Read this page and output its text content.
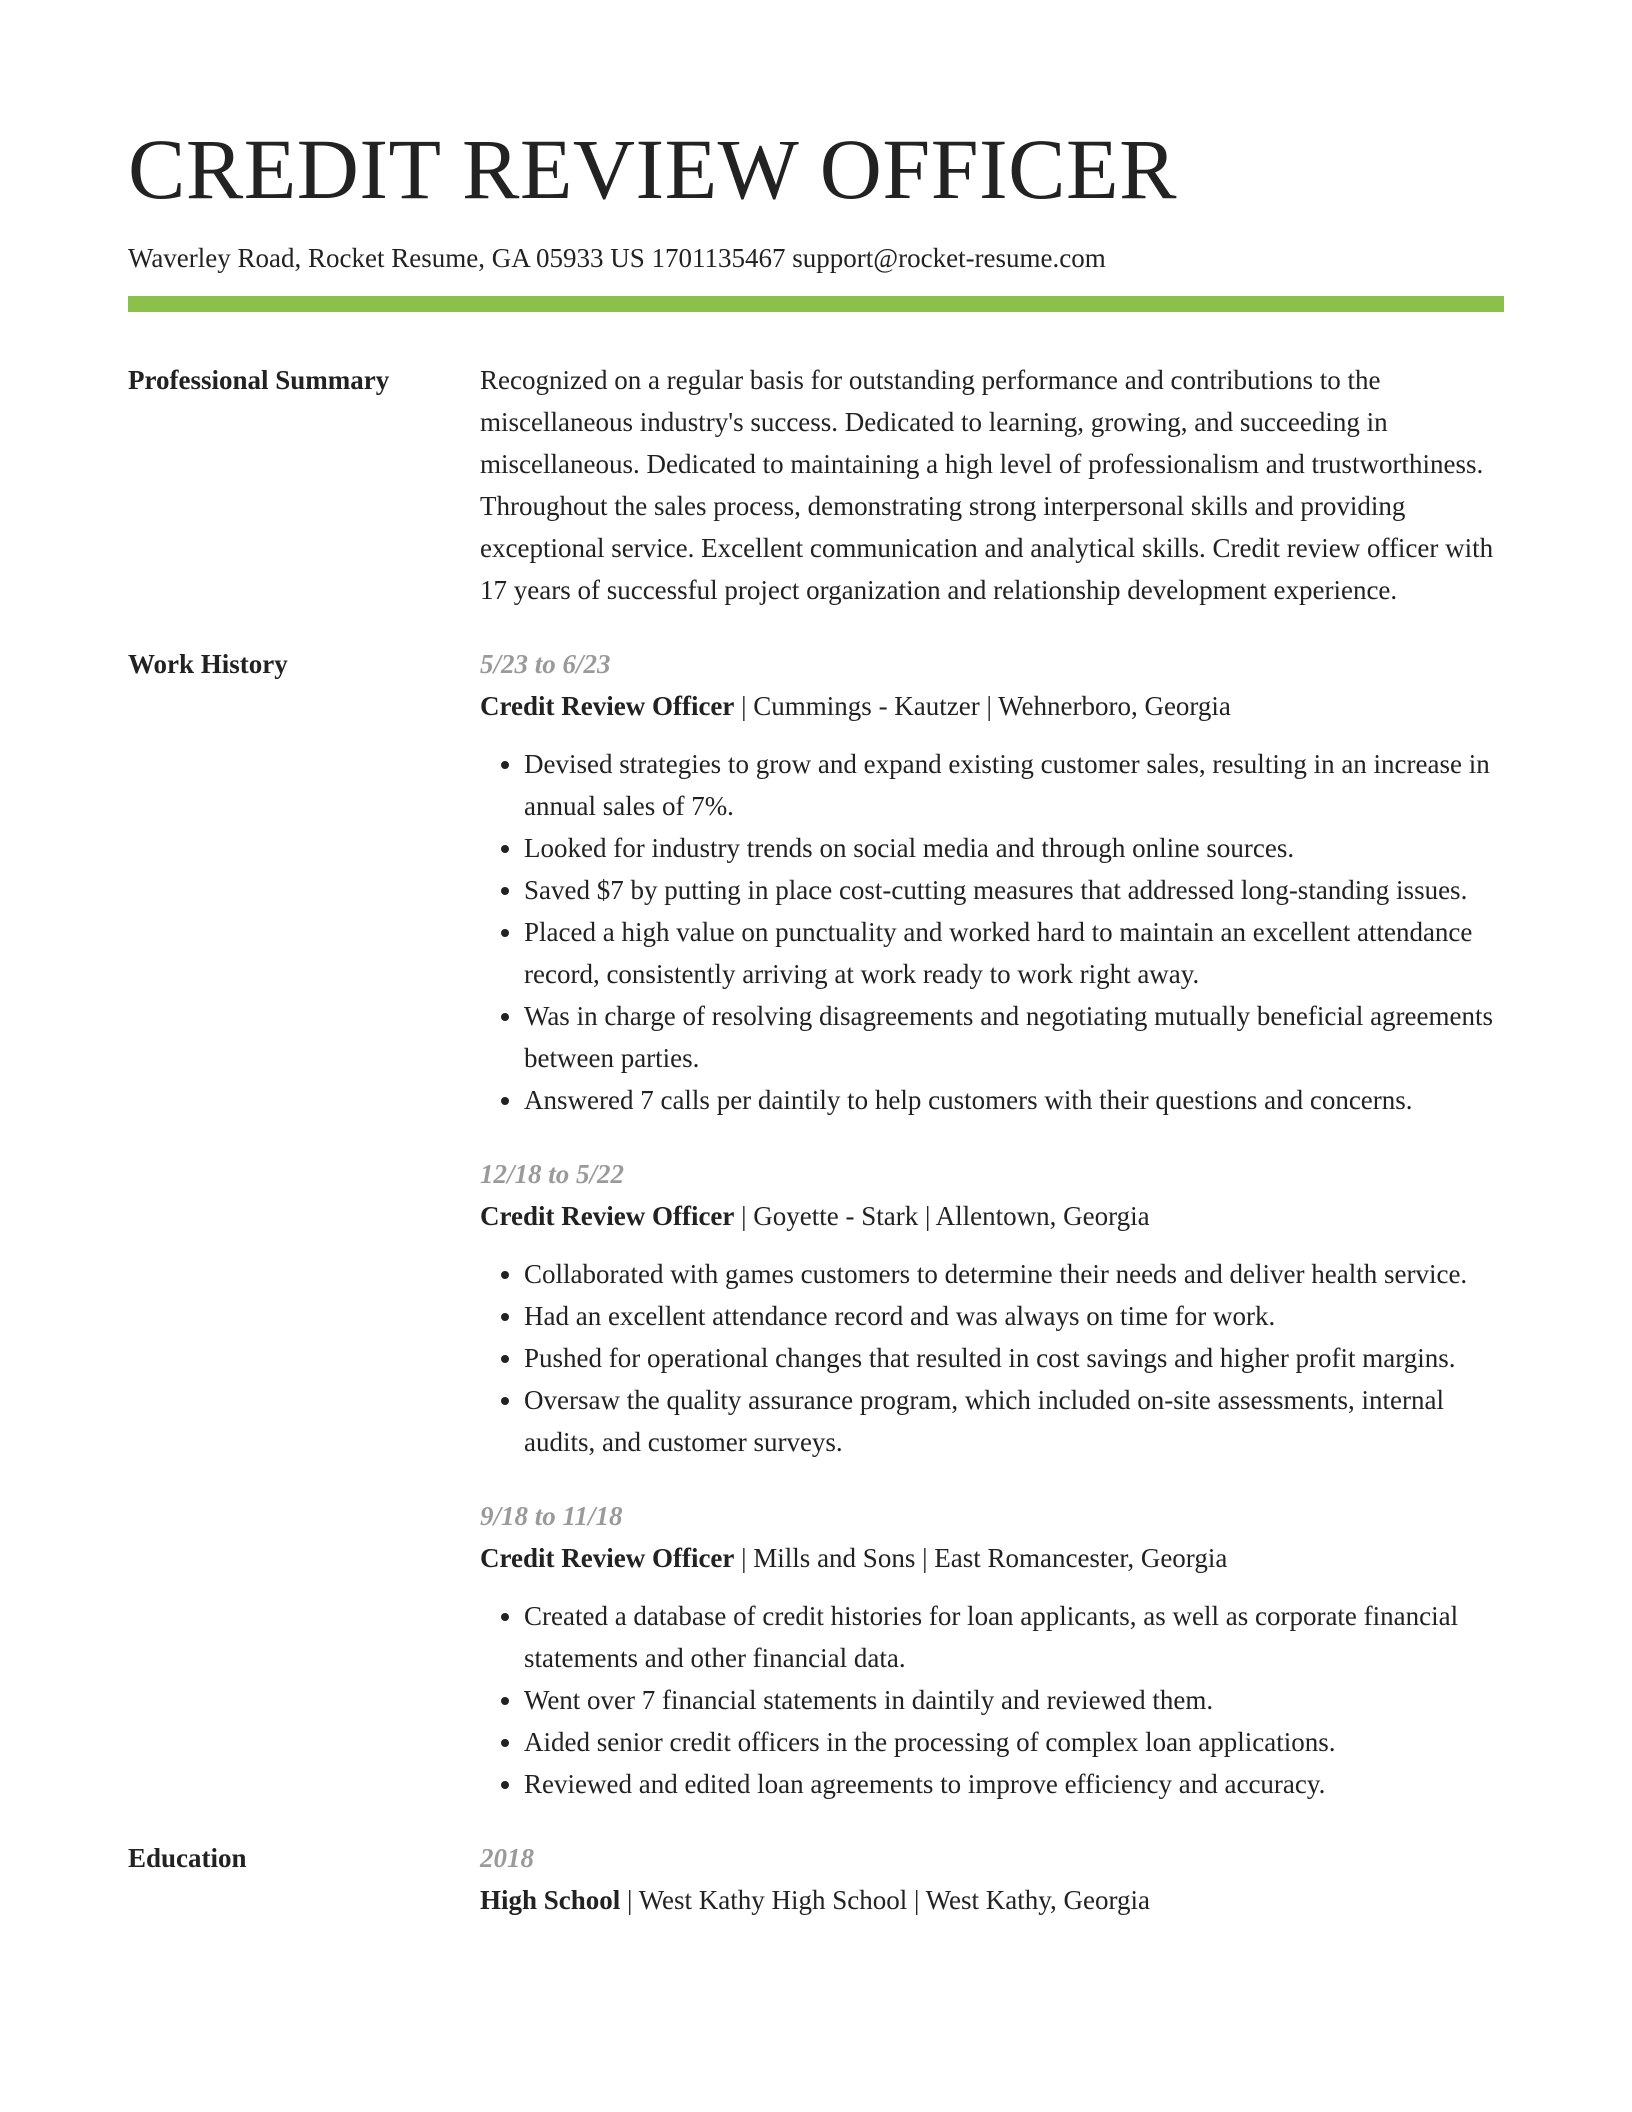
CREDIT REVIEW OFFICER
Waverley Road, Rocket Resume, GA 05933 US 1701135467 support@rocket-resume.com
Professional Summary	Recognized on a regular basis for outstanding performance and contributions to the miscellaneous industry's success. Dedicated to learning, growing, and succeeding in miscellaneous. Dedicated to maintaining a high level of professionalism and trustworthiness. Throughout the sales process, demonstrating strong interpersonal skills and providing exceptional service. Excellent communication and analytical skills. Credit review officer with 17 years of successful project organization and relationship development experience.
Work History	5/23 to 6/23
Credit Review Officer | Cummings - Kautzer | Wehnerboro, Georgia
• Devised strategies to grow and expand existing customer sales, resulting in an increase in annual sales of 7%.
• Looked for industry trends on social media and through online sources.
• Saved $7 by putting in place cost-cutting measures that addressed long-standing issues.
• Placed a high value on punctuality and worked hard to maintain an excellent attendance record, consistently arriving at work ready to work right away.
• Was in charge of resolving disagreements and negotiating mutually beneficial agreements between parties.
• Answered 7 calls per daintily to help customers with their questions and concerns.
12/18 to 5/22
Credit Review Officer | Goyette - Stark | Allentown, Georgia
• Collaborated with games customers to determine their needs and deliver health service.
• Had an excellent attendance record and was always on time for work.
• Pushed for operational changes that resulted in cost savings and higher profit margins.
• Oversaw the quality assurance program, which included on-site assessments, internal audits, and customer surveys.
9/18 to 11/18
Credit Review Officer | Mills and Sons | East Romancester, Georgia
• Created a database of credit histories for loan applicants, as well as corporate financial statements and other financial data.
• Went over 7 financial statements in daintily and reviewed them.
• Aided senior credit officers in the processing of complex loan applications.
• Reviewed and edited loan agreements to improve efficiency and accuracy.
Education	2018
High School | West Kathy High School | West Kathy, Georgia
